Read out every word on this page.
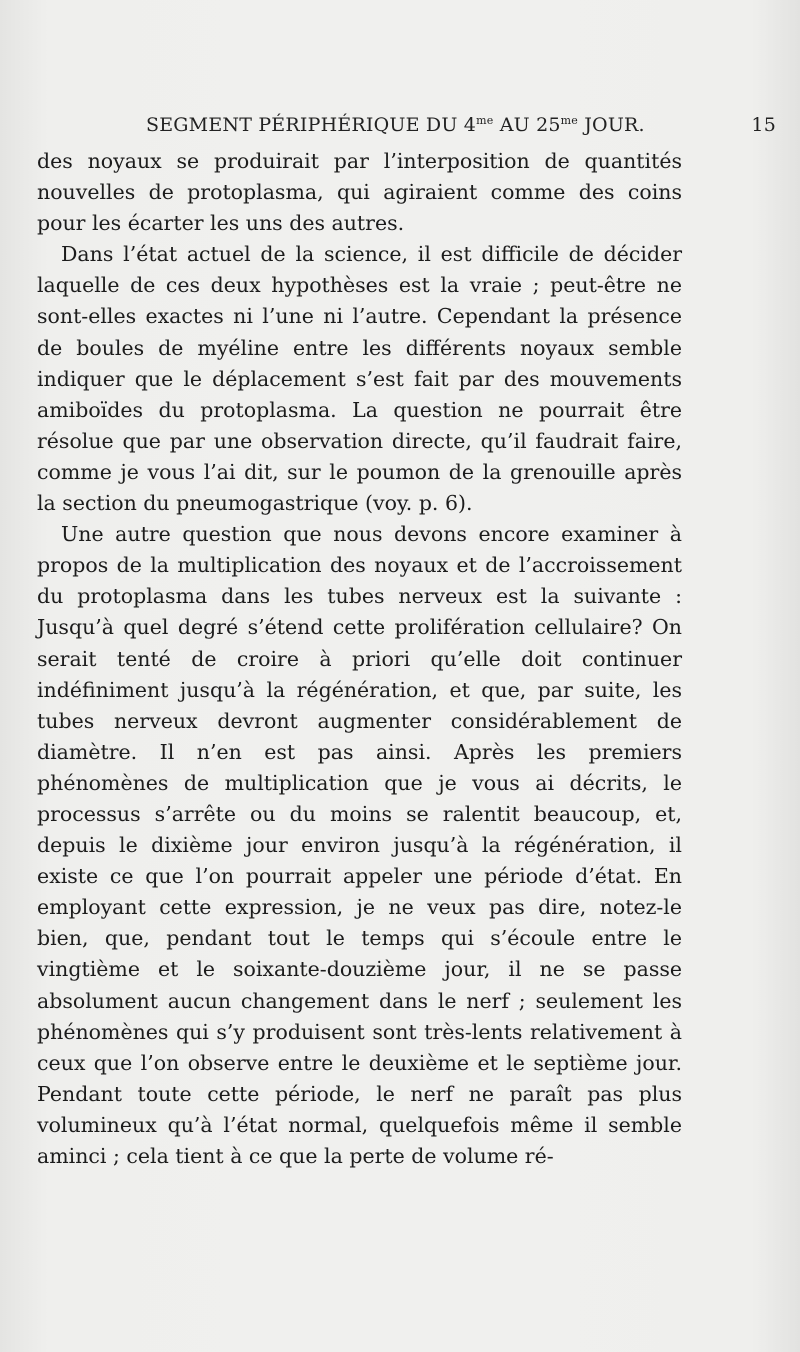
SEGMENT PÉRIPHÉRIQUE DU $4^{me}$ AU $25^{me}$ JOUR.	15

des noyaux se produirait par l’interposition de quantités nouvelles de protoplasma, qui agiraient comme des coins pour les écarter les uns des autres.

Dans l’état actuel de la science, il est difficile de décider laquelle de ces deux hypothèses est la vraie ; peut-être ne sont-elles exactes ni l’une ni l’autre. Cependant la présence de boules de myéline entre les différents noyaux semble indiquer que le déplacement s’est fait par des mouvements amiboïdes du protoplasma. La question ne pourrait être résolue que par une observation directe, qu’il faudrait faire, comme je vous l’ai dit, sur le poumon de la grenouille après la section du pneumogastrique (voy. p. 6).

Une autre question que nous devons encore examiner à propos de la multiplication des noyaux et de l’accroissement du protoplasma dans les tubes nerveux est la suivante : Jusqu’à quel degré s’étend cette prolifération cellulaire? On serait tenté de croire à priori qu’elle doit continuer indéfiniment jusqu’à la régénération, et que, par suite, les tubes nerveux devront augmenter considérablement de diamètre. Il n’en est pas ainsi. Après les premiers phénomènes de multiplication que je vous ai décrits, le processus s’arrête ou du moins se ralentit beaucoup, et, depuis le dixième jour environ jusqu’à la régénération, il existe ce que l’on pourrait appeler une période d’état. En employant cette expression, je ne veux pas dire, notez-le bien, que, pendant tout le temps qui s’écoule entre le vingtième et le soixante-douzième jour, il ne se passe absolument aucun changement dans le nerf ; seulement les phénomènes qui s’y produisent sont très-lents relativement à ceux que l’on observe entre le deuxième et le septième jour. Pendant toute cette période, le nerf ne paraît pas plus volumineux qu’à l’état normal, quelquefois même il semble aminci ; cela tient à ce que la perte de volume ré-
